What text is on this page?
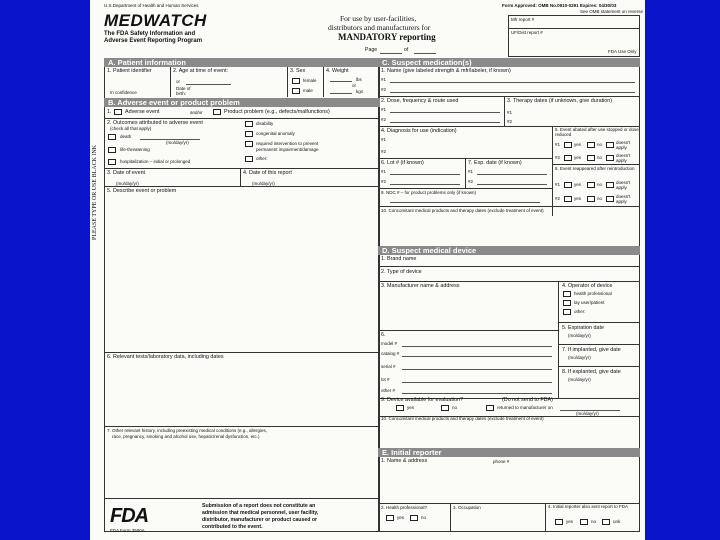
U.S.Department of Health and Human Services
MEDWATCH
The FDA Safety Information and
Adverse Event Reporting Program
For use by user-facilities,
distributors and manufacturers for
MANDATORY reporting
Page	of
Form Approved: OMB No.0910-0291 Expires: 04/30/03
See OMB statement on reverse
Mfr report #
UF/Dist report #
FDA Use Only
A. Patient information
1. Patient identifier	2. Age at time of event:
or
Date of birth:
In confidence
3. Sex
female
male
4. Weight
lbs
or
kgs
B. Adverse event or product problem
1.	Adverse event	and/or	Product problem (e.g., defects/malfunctions)
2. Outcomes attributed to adverse event
(check all that apply)
death
(mo/day/yr)
life-threatening
hospitalization – initial or prolonged
disability
congenital anomaly
required intervention to prevent
permanent impairment/damage
other:
3. Date of event
(mo/day/yr)
4. Date of this report
(mo/day/yr)
5. Describe event or problem
6. Relevant tests/laboratory data, including dates
7. Other relevant history, including preexisting medical conditions (e.g., allergies,
race, pregnancy, smoking and alcohol use, hepatic/renal dysfunction, etc.)
FDA
FDA Form 3500A
Submission of a report does not constitute an
admission that medical personnel, user facility,
distributor, manufacturer or product caused or
contributed to the event.
C. Suspect medication(s)
1. Name (give labeled strength & mfr/labeler, if known)
#1
#2
2. Dose, frequency & route used
#1
#2
3. Therapy dates (if unknown, give duration)
#1
#2
4. Diagnosis for use (indication)
#1
#2
5. Event abated after use stopped or dose reduced
#1	yes	no	doesn't apply
#2	yes	no	doesn't apply
6. Lot # (if known)
#1
#2
7. Exp. date (if known)
#1
#2
8. Event reappeared after reintroduction
#1	yes	no	doesn't apply
#2	yes	no	doesn't apply
9. NDC # – for product problems only (if known)
10. Concomitant medical products and therapy dates (exclude treatment of event)
D. Suspect medical device
1. Brand name
2. Type of device
3. Manufacturer name & address	4. Operator of device
health professional
lay user/patient
other:
5. Expiration date
(mo/day/yr)
6.
model #
7. If implanted, give date
(mo/day/yr)
catalog #
serial #
8. If explanted, give date
(mo/day/yr)
lot #
other #
9. Device available for evaluation?	(Do not send to FDA)
yes	no	returned to manufacturer on
(mo/day/yr)
10. Concomitant medical products and therapy dates (exclude treatment of event)
E. Initial reporter
1. Name & address	phone #
2. Health professional?
yes	no
3. Occupation	4. Initial reporter also sent report to FDA
yes	no	unk
PLEASE TYPE OR USE BLACK INK
